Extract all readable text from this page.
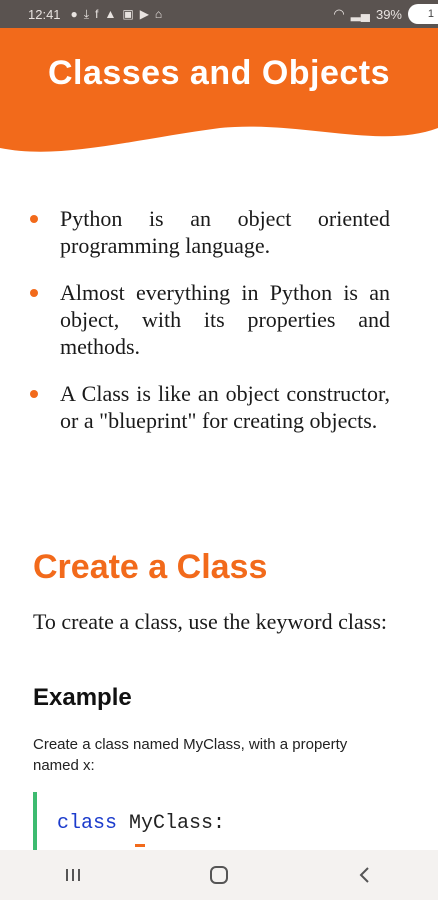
12:41 ● ⤓ f ▲ ▣ ▶ ⌂	◠ ▂▄ 39% 1
Classes and Objects
Python is an object oriented programming language.
Almost everything in Python is an object, with its properties and methods.
A Class is like an object constructor, or a "blueprint" for creating objects.
Create a Class
To create a class, use the keyword class:
Example
Create a class named MyClass, with a property named x:
class MyClass:
